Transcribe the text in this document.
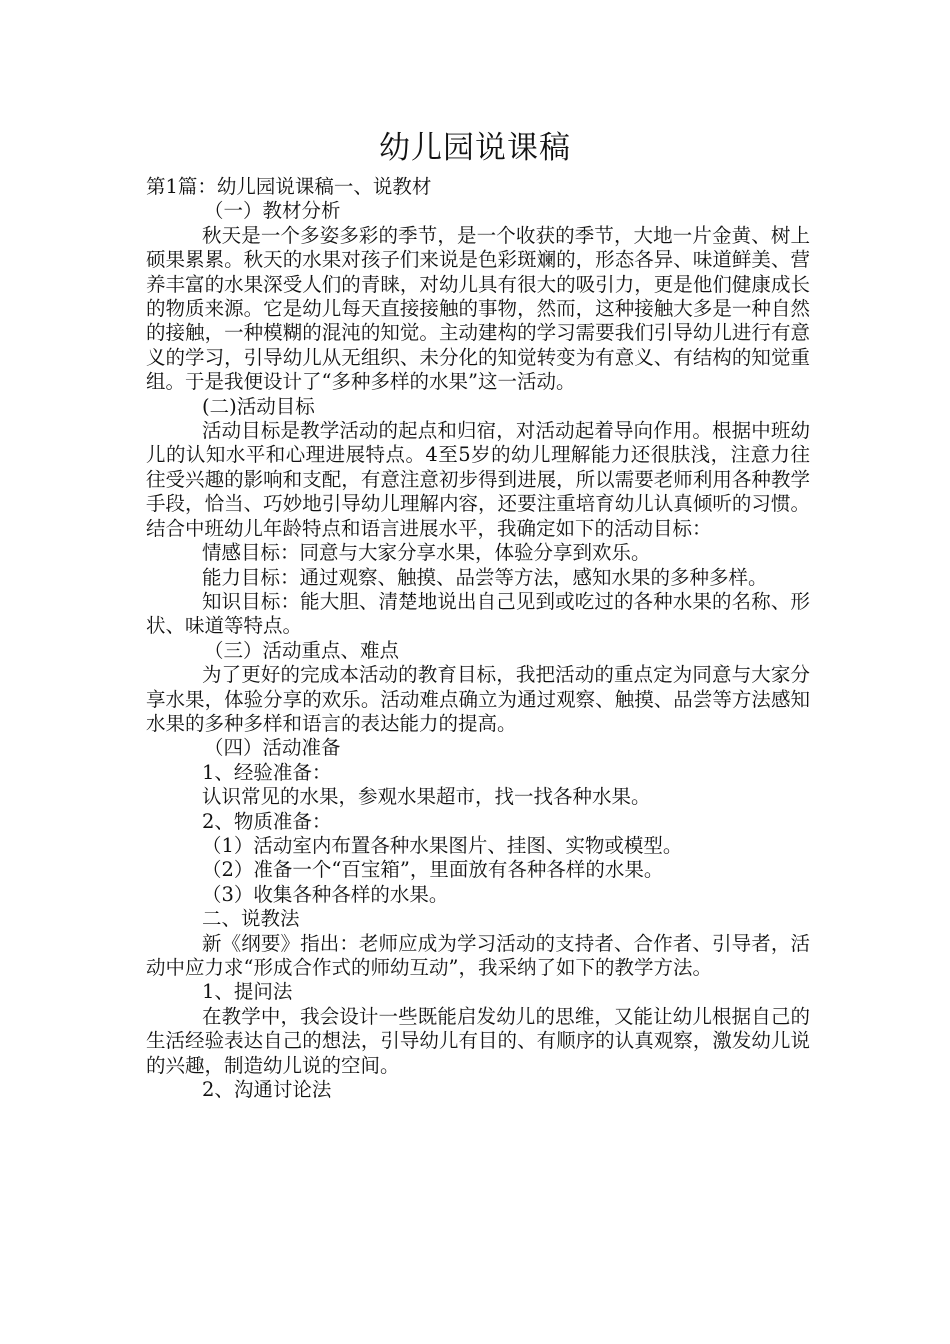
幼儿园说课稿

第1篇：幼儿园说课稿一、说教材

（一）教材分析

秋天是一个多姿多彩的季节，是一个收获的季节，大地一片金黄、树上硕果累累。秋天的水果对孩子们来说是色彩斑斓的，形态各异、味道鲜美、营养丰富的水果深受人们的青睐，对幼儿具有很大的吸引力，更是他们健康成长的物质来源。它是幼儿每天直接接触的事物，然而，这种接触大多是一种自然的接触，一种模糊的混沌的知觉。主动建构的学习需要我们引导幼儿进行有意义的学习，引导幼儿从无组织、未分化的知觉转变为有意义、有结构的知觉重组。于是我便设计了“多种多样的水果”这一活动。

(二)活动目标

活动目标是教学活动的起点和归宿，对活动起着导向作用。根据中班幼儿的认知水平和心理进展特点。4至5岁的幼儿理解能力还很肤浅，注意力往往受兴趣的影响和支配，有意注意初步得到进展，所以需要老师利用各种教学手段，恰当、巧妙地引导幼儿理解内容，还要注重培育幼儿认真倾听的习惯。结合中班幼儿年龄特点和语言进展水平，我确定如下的活动目标：

情感目标：同意与大家分享水果，体验分享到欢乐。

能力目标：通过观察、触摸、品尝等方法，感知水果的多种多样。

知识目标：能大胆、清楚地说出自己见到或吃过的各种水果的名称、形状、味道等特点。

（三）活动重点、难点

为了更好的完成本活动的教育目标，我把活动的重点定为同意与大家分享水果，体验分享的欢乐。活动难点确立为通过观察、触摸、品尝等方法感知水果的多种多样和语言的表达能力的提高。

（四）活动准备

1、经验准备：

认识常见的水果，参观水果超市，找一找各种水果。

2、物质准备：

（1）活动室内布置各种水果图片、挂图、实物或模型。

（2）准备一个“百宝箱”，里面放有各种各样的水果。

（3）收集各种各样的水果。

二、说教法

新《纲要》指出：老师应成为学习活动的支持者、合作者、引导者，活动中应力求“形成合作式的师幼互动”，我采纳了如下的教学方法。

1、提问法

在教学中，我会设计一些既能启发幼儿的思维，又能让幼儿根据自己的生活经验表达自己的想法，引导幼儿有目的、有顺序的认真观察，激发幼儿说的兴趣，制造幼儿说的空间。

2、沟通讨论法
